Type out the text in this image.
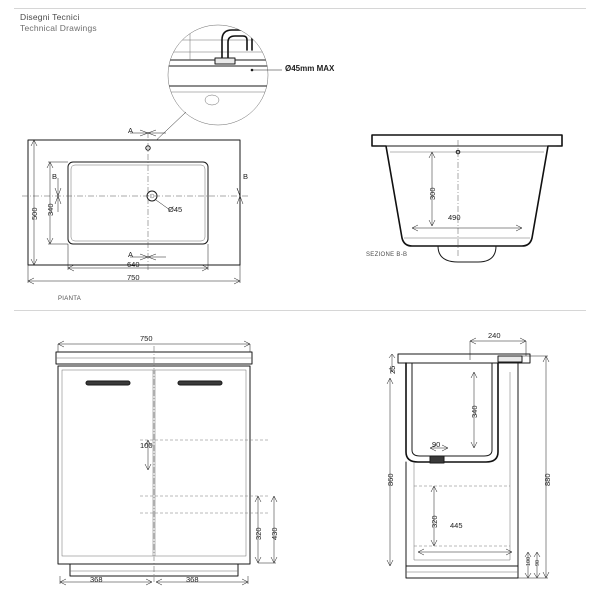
Disegni Tecnici
Technical Drawings
Ø45mm MAX
A
A
B	B
340
500
640
750
Ø45
PIANTA
300
490
SEZIONE B-B
750
368	368
100
320 430
25
240
340
90
860	880
320 445
100 90
